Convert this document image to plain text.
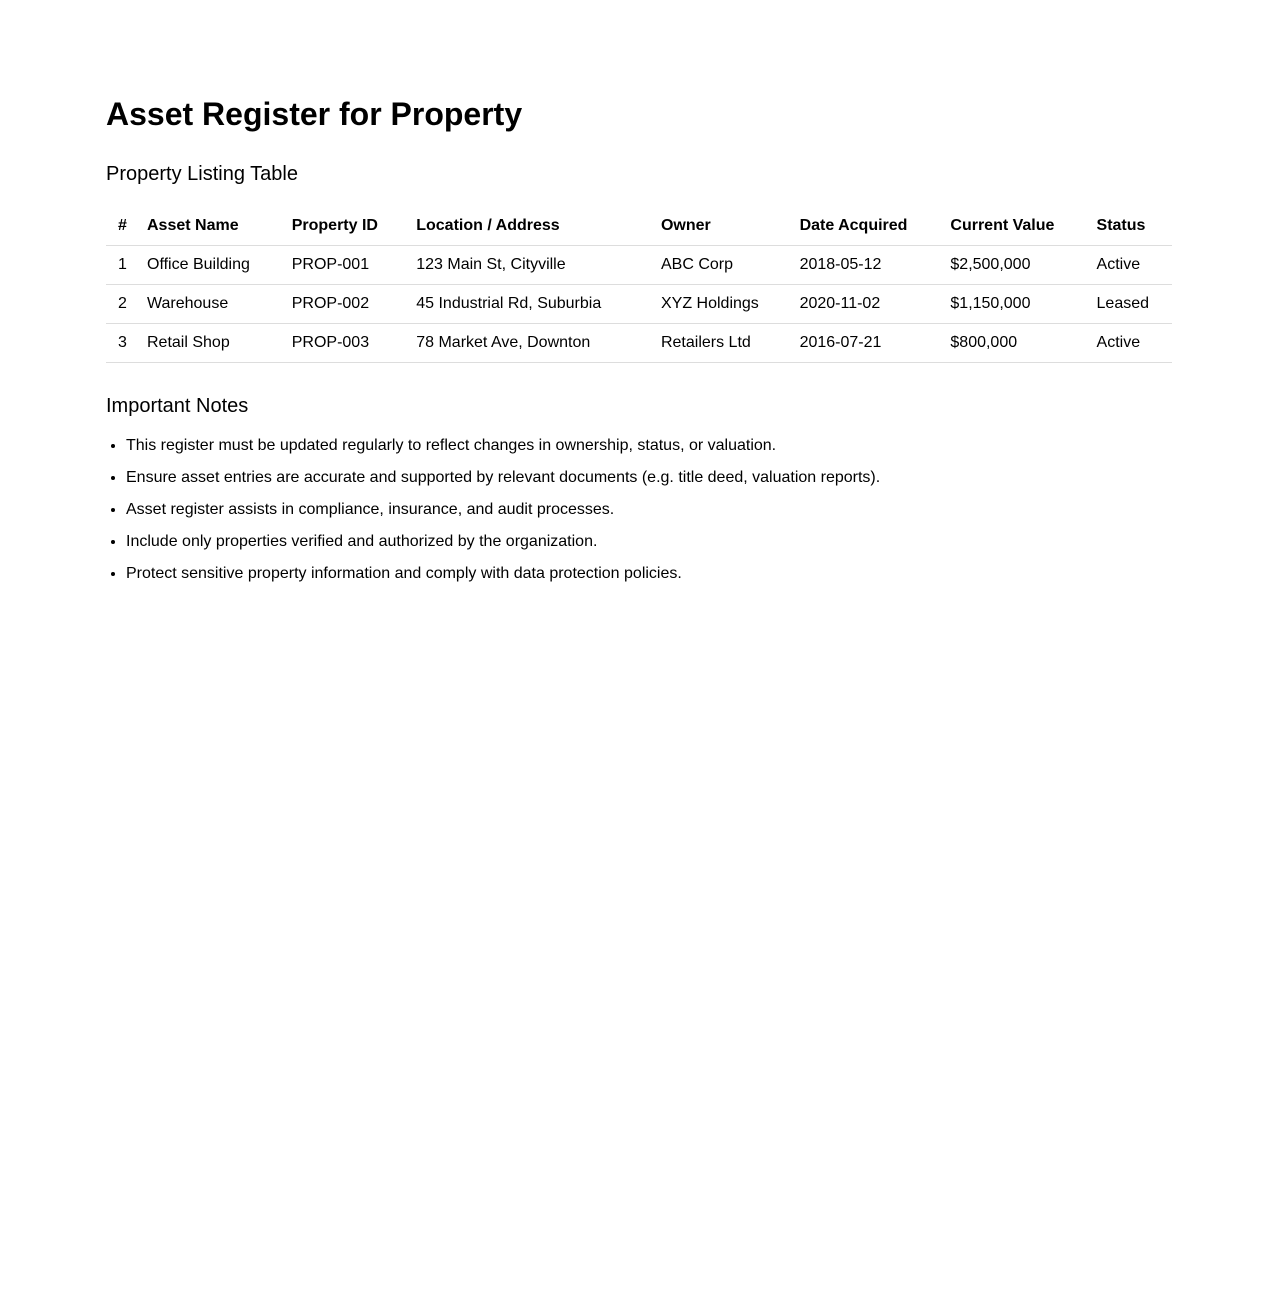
Asset Register for Property
Property Listing Table
#	Asset Name	Property ID	Location / Address	Owner	Date Acquired	Current Value	Status
1	Office Building	PROP-001	123 Main St, Cityville	ABC Corp	2018-05-12	$2,500,000	Active
2	Warehouse	PROP-002	45 Industrial Rd, Suburbia	XYZ Holdings	2020-11-02	$1,150,000	Leased
3	Retail Shop	PROP-003	78 Market Ave, Downton	Retailers Ltd	2016-07-21	$800,000	Active
Important Notes
• This register must be updated regularly to reflect changes in ownership, status, or valuation.
• Ensure asset entries are accurate and supported by relevant documents (e.g. title deed, valuation reports).
• Asset register assists in compliance, insurance, and audit processes.
• Include only properties verified and authorized by the organization.
• Protect sensitive property information and comply with data protection policies.
